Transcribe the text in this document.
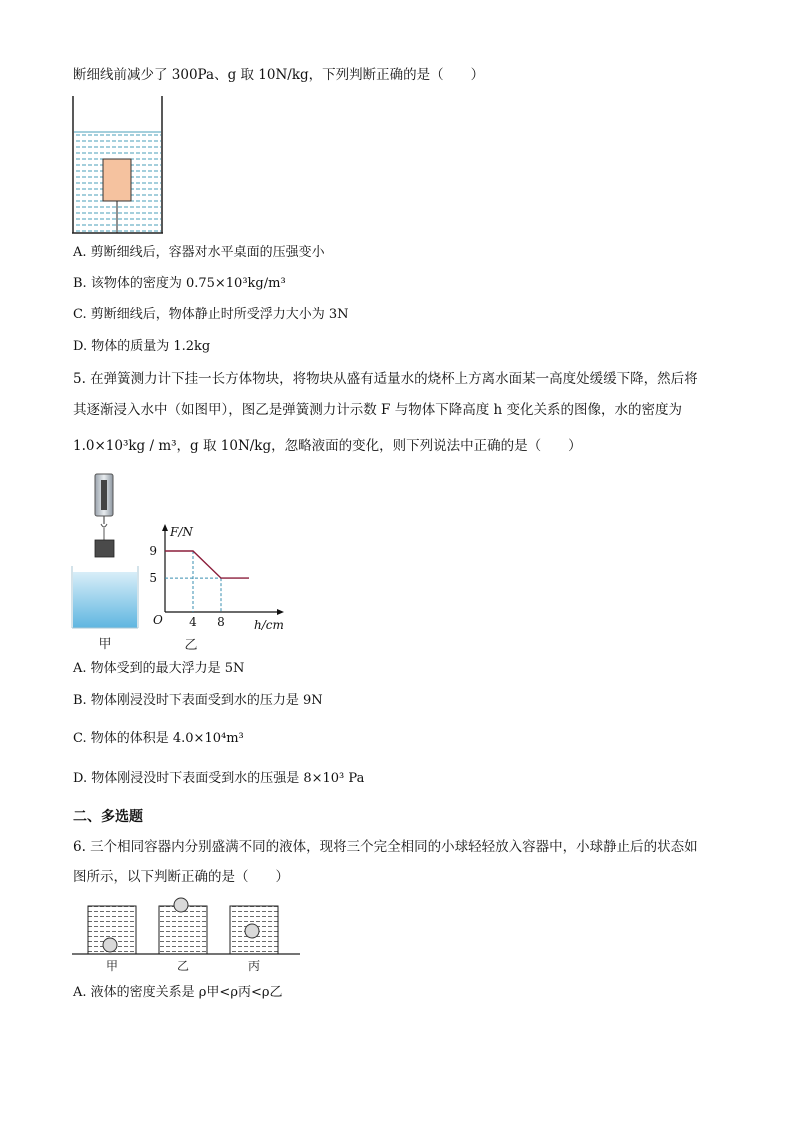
断细线前减少了 300Pa、g 取 10N/kg，下列判断正确的是（　　）
A. 剪断细线后，容器对水平桌面的压强变小
B. 该物体的密度为 0.75×10³kg/m³
C. 剪断细线后，物体静止时所受浮力大小为 3N
D. 物体的质量为 1.2kg
5. 在弹簧测力计下挂一长方体物块，将物块从盛有适量水的烧杯上方离水面某一高度处缓缓下降，然后将
其逐渐浸入水中（如图甲），图乙是弹簧测力计示数 F 与物体下降高度 h 变化关系的图像，水的密度为
1.0×10³kg / m³，g 取 10N/kg，忽略液面的变化，则下列说法中正确的是（　　）
甲
4 8
9
5
F/N
h/cm
O
乙
A. 物体受到的最大浮力是 5N
B. 物体刚浸没时下表面受到水的压力是 9N
C. 物体的体积是 4.0×10⁴m³
D. 物体刚浸没时下表面受到水的压强是 8×10³ Pa
二、多选题
6. 三个相同容器内分别盛满不同的液体，现将三个完全相同的小球轻轻放入容器中，小球静止后的状态如
图所示，以下判断正确的是（　　）
甲	乙	丙
A. 液体的密度关系是 ρ甲<ρ丙<ρ乙
